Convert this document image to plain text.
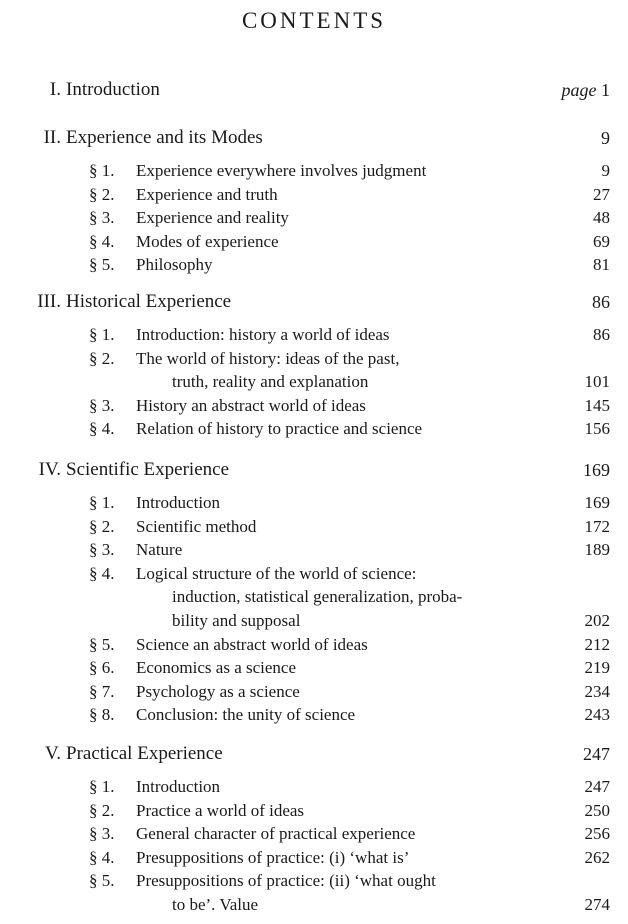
CONTENTS
I. Introduction	page 1
II. Experience and its Modes	9
§ 1. Experience everywhere involves judgment	9
§ 2. Experience and truth	27
§ 3. Experience and reality	48
§ 4. Modes of experience	69
§ 5. Philosophy	81
III. Historical Experience	86
§ 1. Introduction: history a world of ideas	86
§ 2. The world of history: ideas of the past,
truth, reality and explanation	101
§ 3. History an abstract world of ideas	145
§ 4. Relation of history to practice and science	156
IV. Scientific Experience	169
§ 1. Introduction	169
§ 2. Scientific method	172
§ 3. Nature	189
§ 4. Logical structure of the world of science:
induction, statistical generalization, proba-
bility and supposal	202
§ 5. Science an abstract world of ideas	212
§ 6. Economics as a science	219
§ 7. Psychology as a science	234
§ 8. Conclusion: the unity of science	243
V. Practical Experience	247
§ 1. Introduction	247
§ 2. Practice a world of ideas	250
§ 3. General character of practical experience	256
§ 4. Presuppositions of practice: (i) ‘what is’	262
§ 5. Presuppositions of practice: (ii) ‘what ought
to be’. Value	274
